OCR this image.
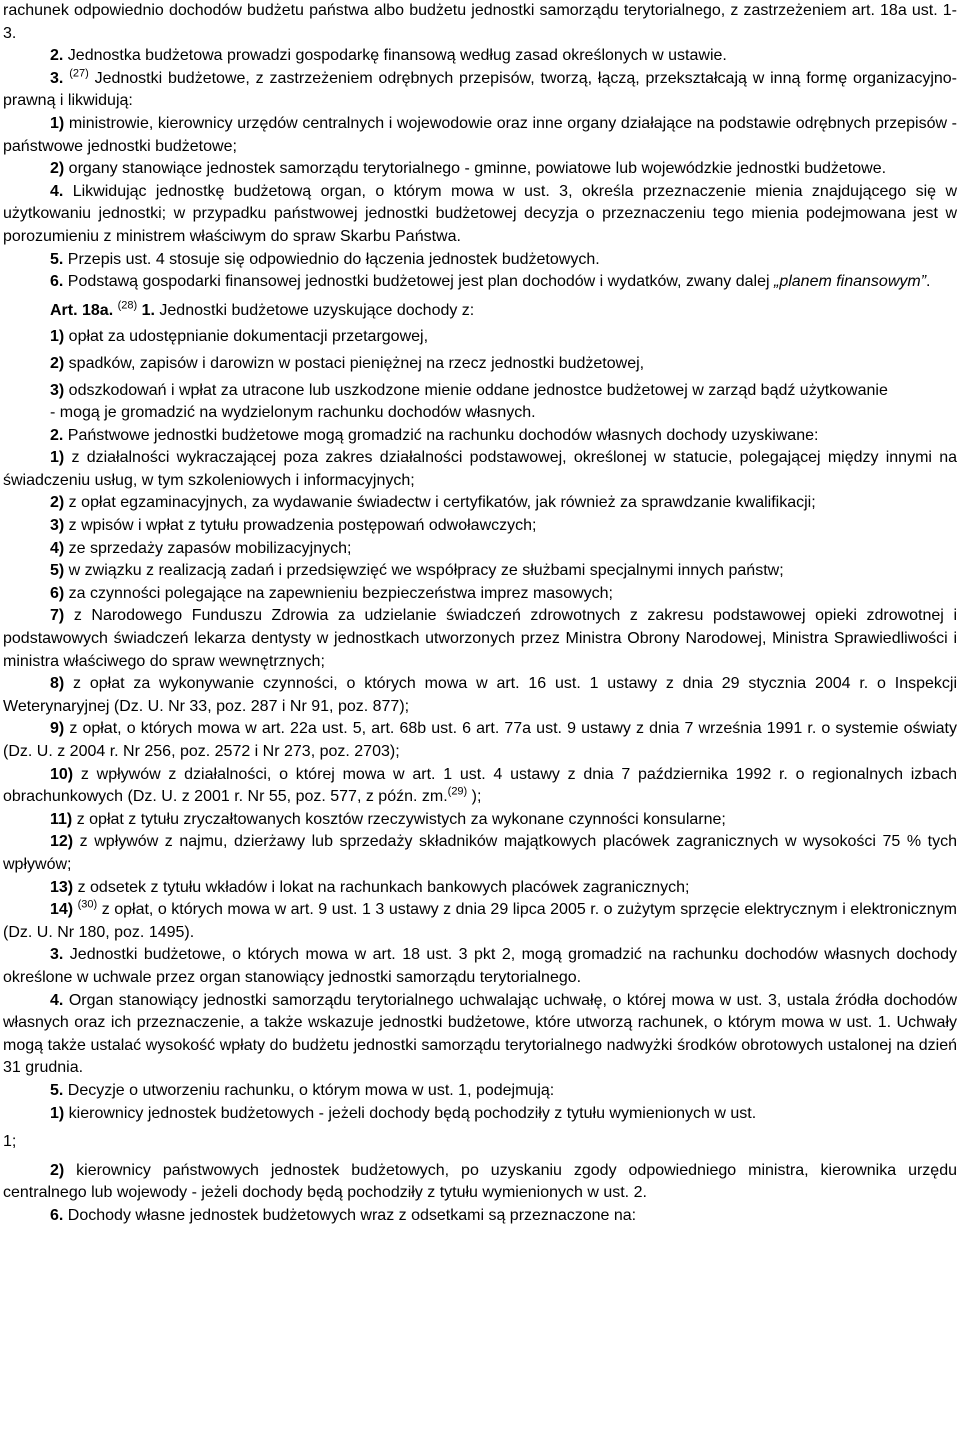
rachunek odpowiednio dochodów budżetu państwa albo budżetu jednostki samorządu terytorialnego, z zastrzeżeniem art. 18a ust. 1-3.

2. Jednostka budżetowa prowadzi gospodarkę finansową według zasad określonych w ustawie.

3. $^{(27)}$ Jednostki budżetowe, z zastrzeżeniem odrębnych przepisów, tworzą, łączą, przekształcają w inną formę organizacyjno-prawną i likwidują:

1) ministrowie, kierownicy urzędów centralnych i wojewodowie oraz inne organy działające na podstawie odrębnych przepisów - państwowe jednostki budżetowe;

2) organy stanowiące jednostek samorządu terytorialnego - gminne, powiatowe lub wojewódzkie jednostki budżetowe.

4. Likwidując jednostkę budżetową organ, o którym mowa w ust. 3, określa przeznaczenie mienia znajdującego się w użytkowaniu jednostki; w przypadku państwowej jednostki budżetowej decyzja o przeznaczeniu tego mienia podejmowana jest w porozumieniu z ministrem właściwym do spraw Skarbu Państwa.

5. Przepis ust. 4 stosuje się odpowiednio do łączenia jednostek budżetowych.

6. Podstawą gospodarki finansowej jednostki budżetowej jest plan dochodów i wydatków, zwany dalej „planem finansowym”.

Art. 18a. $^{(28)}$ 1. Jednostki budżetowe uzyskujące dochody z:

1) opłat za udostępnianie dokumentacji przetargowej,

2) spadków, zapisów i darowizn w postaci pieniężnej na rzecz jednostki budżetowej,

3) odszkodowań i wpłat za utracone lub uszkodzone mienie oddane jednostce budżetowej w zarząd bądź użytkowanie

- mogą je gromadzić na wydzielonym rachunku dochodów własnych.

2. Państwowe jednostki budżetowe mogą gromadzić na rachunku dochodów własnych dochody uzyskiwane:

1) z działalności wykraczającej poza zakres działalności podstawowej, określonej w statucie, polegającej między innymi na świadczeniu usług, w tym szkoleniowych i informacyjnych;

2) z opłat egzaminacyjnych, za wydawanie świadectw i certyfikatów, jak również za sprawdzanie kwalifikacji;

3) z wpisów i wpłat z tytułu prowadzenia postępowań odwoławczych;

4) ze sprzedaży zapasów mobilizacyjnych;

5) w związku z realizacją zadań i przedsięwzięć we współpracy ze służbami specjalnymi innych państw;

6) za czynności polegające na zapewnieniu bezpieczeństwa imprez masowych;

7) z Narodowego Funduszu Zdrowia za udzielanie świadczeń zdrowotnych z zakresu podstawowej opieki zdrowotnej i podstawowych świadczeń lekarza dentysty w jednostkach utworzonych przez Ministra Obrony Narodowej, Ministra Sprawiedliwości i ministra właściwego do spraw wewnętrznych;

8) z opłat za wykonywanie czynności, o których mowa w art. 16 ust. 1 ustawy z dnia 29 stycznia 2004 r. o Inspekcji Weterynaryjnej (Dz. U. Nr 33, poz. 287 i Nr 91, poz. 877);

9) z opłat, o których mowa w art. 22a ust. 5, art. 68b ust. 6 art. 77a ust. 9 ustawy z dnia 7 września 1991 r. o systemie oświaty (Dz. U. z 2004 r. Nr 256, poz. 2572 i Nr 273, poz. 2703);

10) z wpływów z działalności, o której mowa w art. 1 ust. 4 ustawy z dnia 7 października 1992 r. o regionalnych izbach obrachunkowych (Dz. U. z 2001 r. Nr 55, poz. 577, z późn. zm.$^{(29)}$ );

11) z opłat z tytułu zryczałtowanych kosztów rzeczywistych za wykonane czynności konsularne;

12) z wpływów z najmu, dzierżawy lub sprzedaży składników majątkowych placówek zagranicznych w wysokości 75 % tych wpływów;

13) z odsetek z tytułu wkładów i lokat na rachunkach bankowych placówek zagranicznych;

14) $^{(30)}$ z opłat, o których mowa w art. 9 ust. 1 3 ustawy z dnia 29 lipca 2005 r. o zużytym sprzęcie elektrycznym i elektronicznym (Dz. U. Nr 180, poz. 1495).

3. Jednostki budżetowe, o których mowa w art. 18 ust. 3 pkt 2, mogą gromadzić na rachunku dochodów własnych dochody określone w uchwale przez organ stanowiący jednostki samorządu terytorialnego.

4. Organ stanowiący jednostki samorządu terytorialnego uchwalając uchwałę, o której mowa w ust. 3, ustala źródła dochodów własnych oraz ich przeznaczenie, a także wskazuje jednostki budżetowe, które utworzą rachunek, o którym mowa w ust. 1. Uchwały mogą także ustalać wysokość wpłaty do budżetu jednostki samorządu terytorialnego nadwyżki środków obrotowych ustalonej na dzień 31 grudnia.

5. Decyzje o utworzeniu rachunku, o którym mowa w ust. 1, podejmują:

1) kierownicy jednostek budżetowych - jeżeli dochody będą pochodziły z tytułu wymienionych w ust.

1;

2) kierownicy państwowych jednostek budżetowych, po uzyskaniu zgody odpowiedniego ministra, kierownika urzędu centralnego lub wojewody - jeżeli dochody będą pochodziły z tytułu wymienionych w ust. 2.

6. Dochody własne jednostek budżetowych wraz z odsetkami są przeznaczone na:
